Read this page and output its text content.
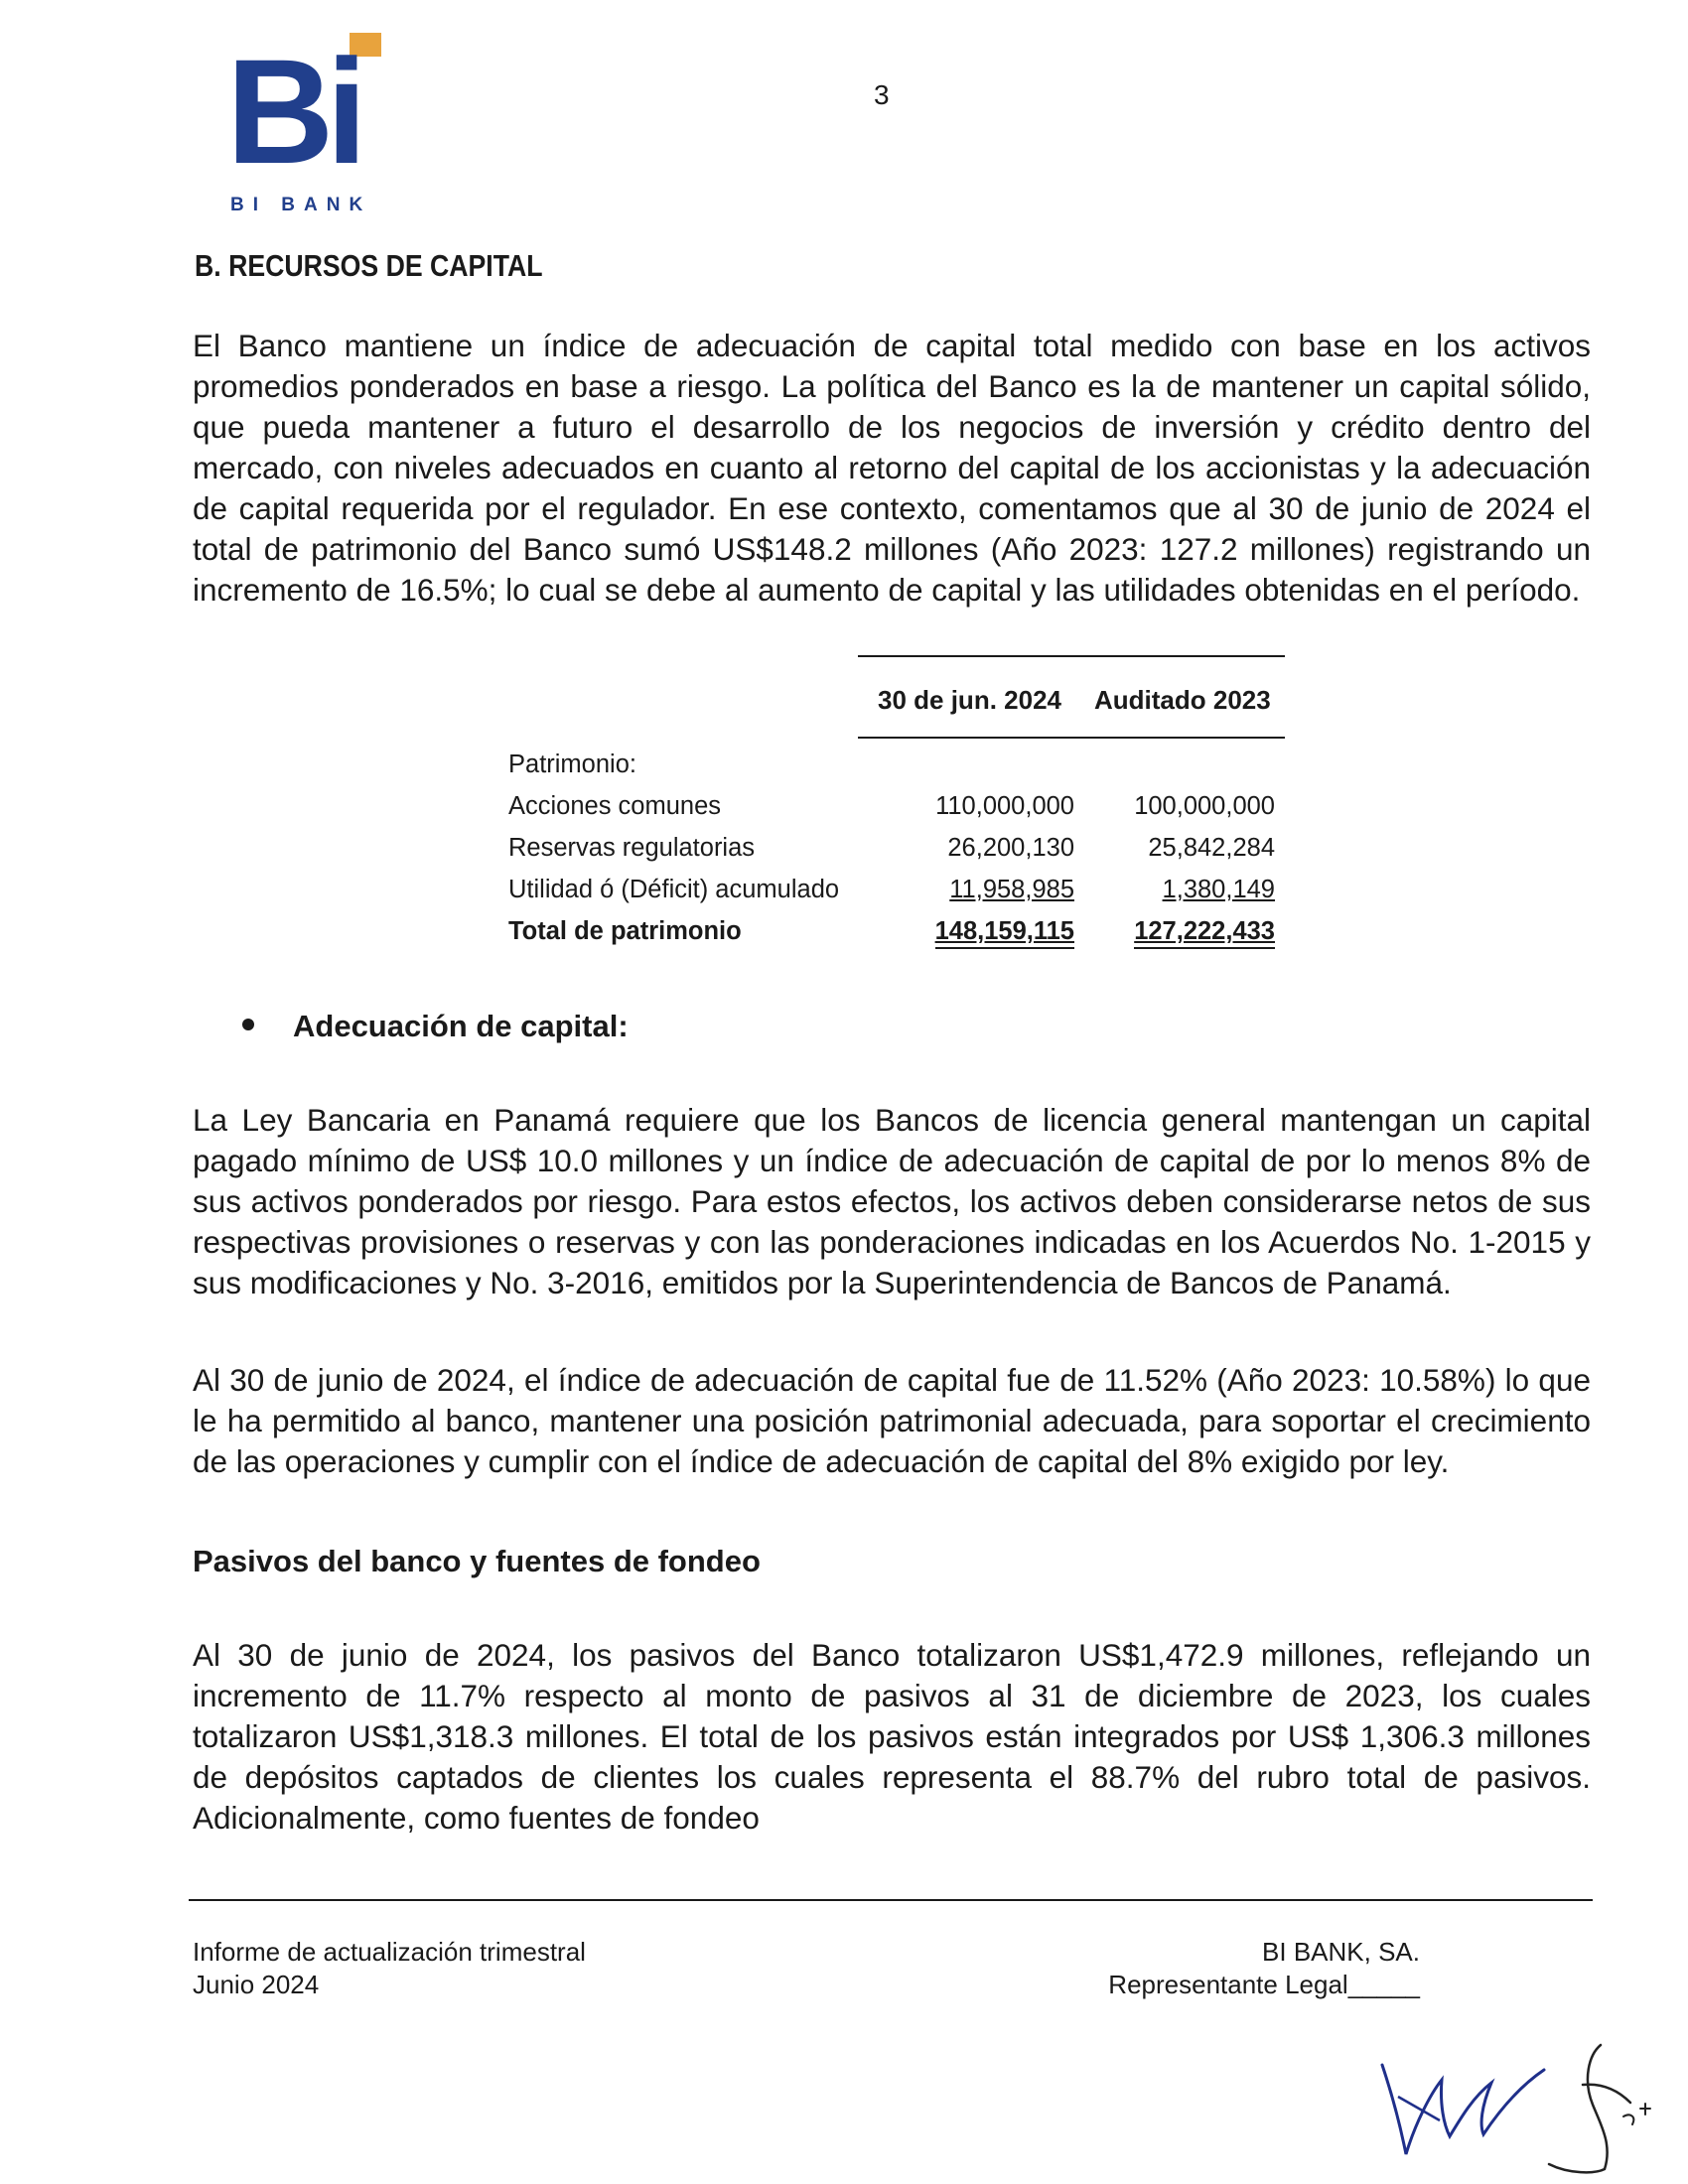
Bi
BI BANK
3
B. RECURSOS DE CAPITAL
El Banco mantiene un índice de adecuación de capital total medido con base en los activos promedios ponderados en base a riesgo. La política del Banco es la de mantener un capital sólido, que pueda mantener a futuro el desarrollo de los negocios de inversión y crédito dentro del mercado, con niveles adecuados en cuanto al retorno del capital de los accionistas y la adecuación de capital requerida por el regulador. En ese contexto, comentamos que al 30 de junio de 2024 el total de patrimonio del Banco sumó US$148.2 millones (Año 2023: 127.2 millones) registrando un incremento de 16.5%; lo cual se debe al aumento de capital y las utilidades obtenidas en el período.
30 de jun. 2024 Auditado 2023
Patrimonio:
Acciones comunes	110,000,000 100,000,000
Reservas regulatorias	26,200,130	25,842,284
Utilidad ó (Déficit) acumulado	11,958,985	1,380,149
Total de patrimonio	148,159,115 127,222,433
Adecuación de capital:
La Ley Bancaria en Panamá requiere que los Bancos de licencia general mantengan un capital pagado mínimo de US$ 10.0 millones y un índice de adecuación de capital de por lo menos 8% de sus activos ponderados por riesgo. Para estos efectos, los activos deben considerarse netos de sus respectivas provisiones o reservas y con las ponderaciones indicadas en los Acuerdos No. 1-2015 y sus modificaciones y No. 3-2016, emitidos por la Superintendencia de Bancos de Panamá.
Al 30 de junio de 2024, el índice de adecuación de capital fue de 11.52% (Año 2023: 10.58%) lo que le ha permitido al banco, mantener una posición patrimonial adecuada, para soportar el crecimiento de las operaciones y cumplir con el índice de adecuación de capital del 8% exigido por ley.
Pasivos del banco y fuentes de fondeo
Al 30 de junio de 2024, los pasivos del Banco totalizaron US$1,472.9 millones, reflejando un incremento de 11.7% respecto al monto de pasivos al 31 de diciembre de 2023, los cuales totalizaron US$1,318.3 millones. El total de los pasivos están integrados por US$ 1,306.3 millones de depósitos captados de clientes los cuales representa el 88.7% del rubro total de pasivos. Adicionalmente, como fuentes de fondeo
Informe de actualización trimestral
Junio 2024
BI BANK, SA.
Representante Legal_____
